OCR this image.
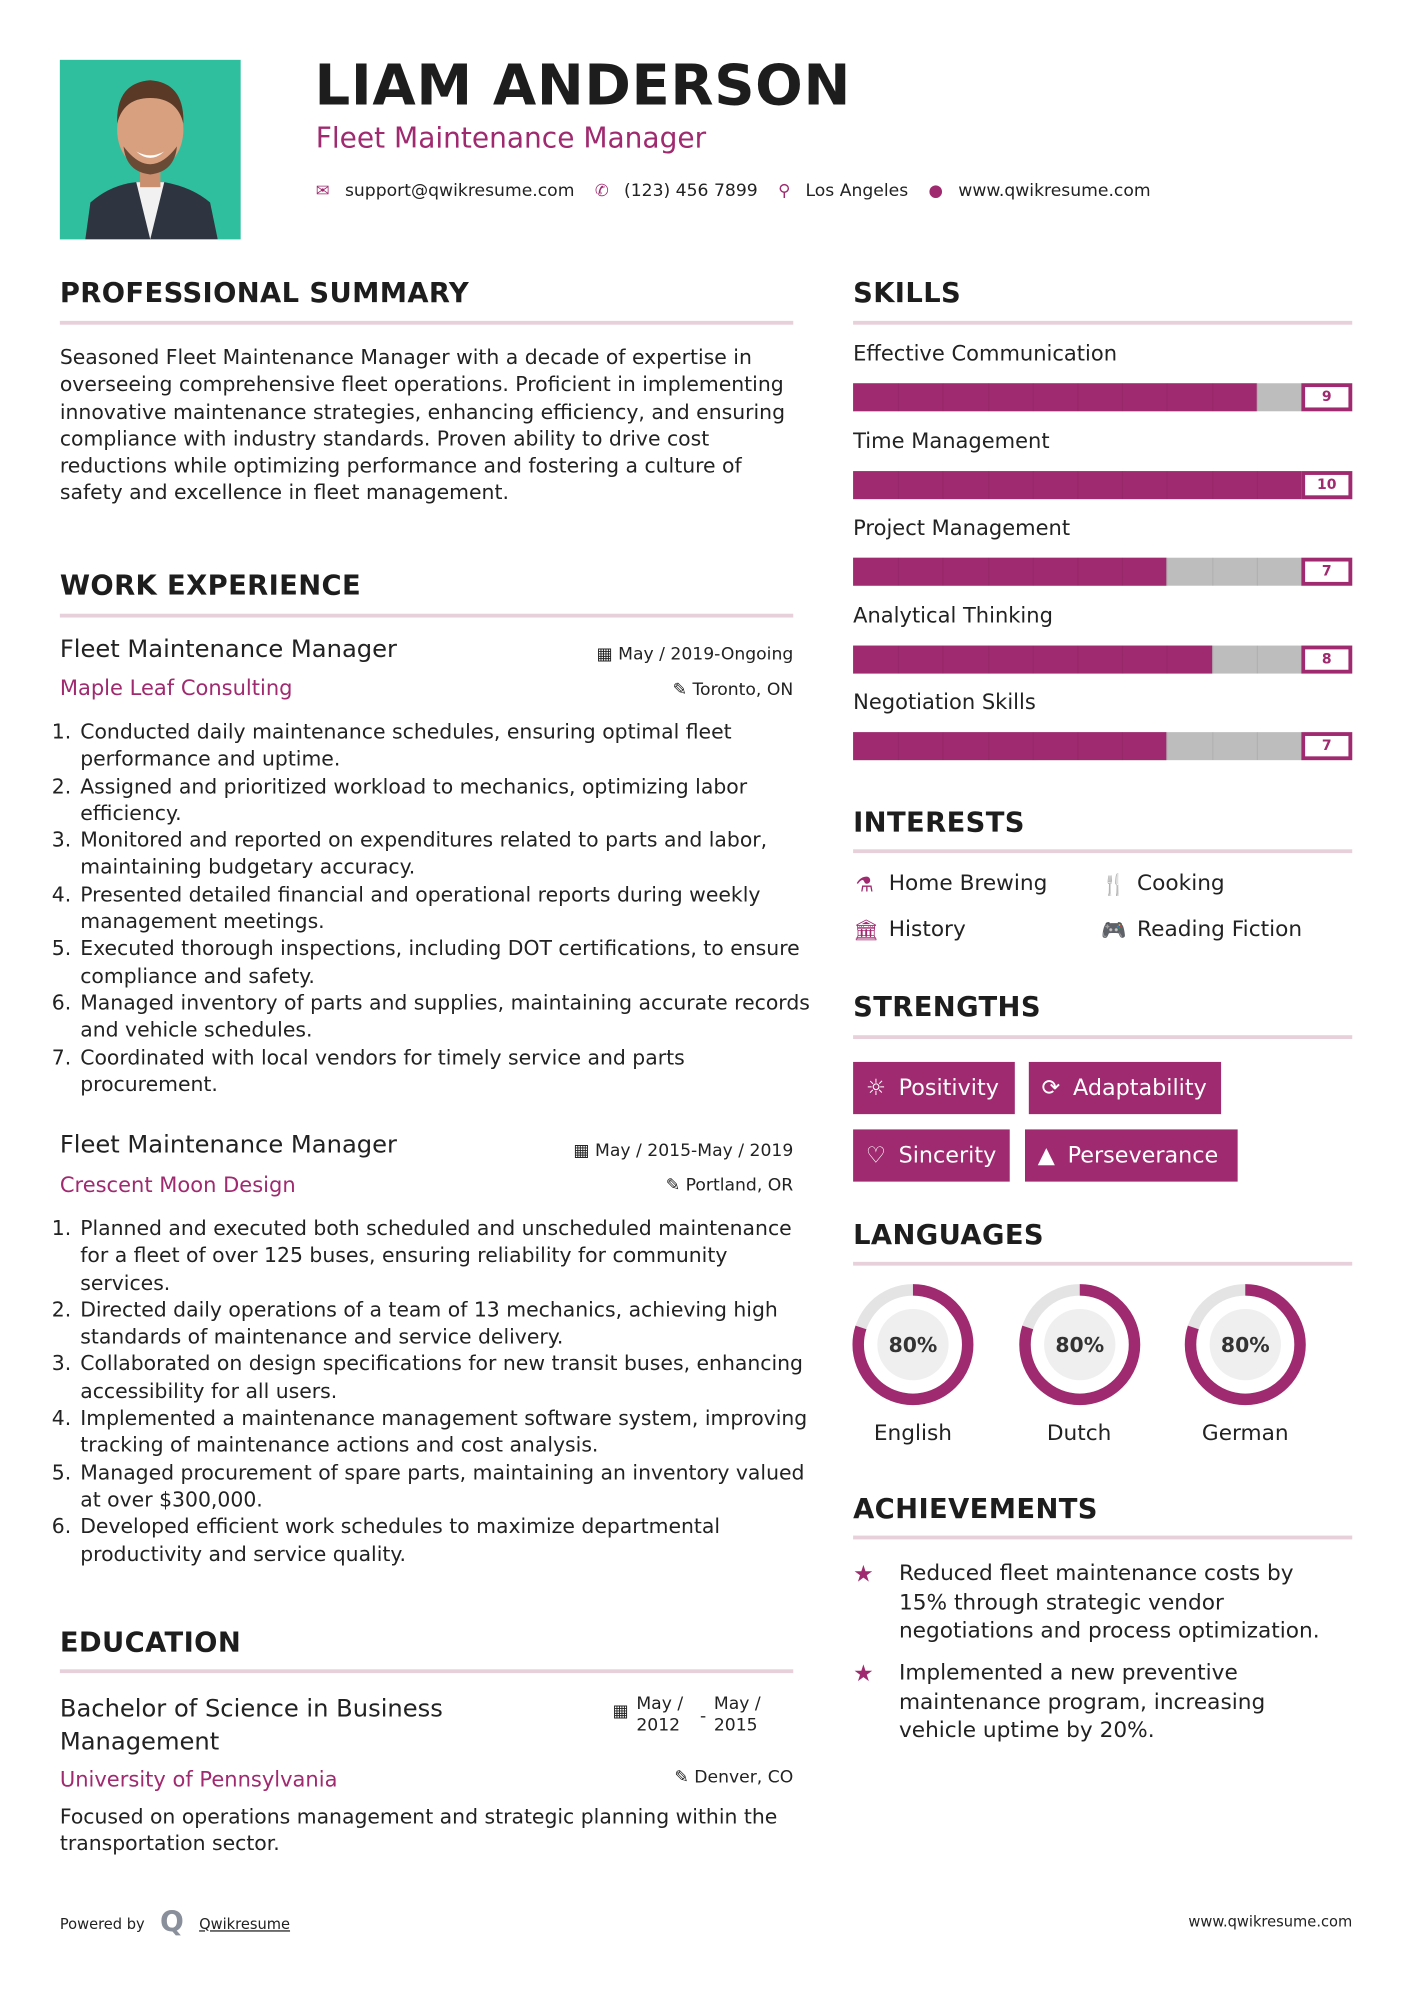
LIAM ANDERSON
Fleet Maintenance Manager
✉ support@qwikresume.com ✆ (123) 456 7899 ⚲ Los Angeles ● www.qwikresume.com
PROFESSIONAL SUMMARY
Seasoned Fleet Maintenance Manager with a decade of expertise in overseeing comprehensive fleet operations. Proficient in implementing innovative maintenance strategies, enhancing efficiency, and ensuring compliance with industry standards. Proven ability to drive cost reductions while optimizing performance and fostering a culture of safety and excellence in fleet management.
WORK EXPERIENCE
Fleet Maintenance Manager	▦ May / 2019-Ongoing
Maple Leaf Consulting	✎ Toronto, ON
1. Conducted daily maintenance schedules, ensuring optimal fleet performance and uptime.
2. Assigned and prioritized workload to mechanics, optimizing labor efficiency.
3. Monitored and reported on expenditures related to parts and labor, maintaining budgetary accuracy.
4. Presented detailed financial and operational reports during weekly management meetings.
5. Executed thorough inspections, including DOT certifications, to ensure compliance and safety.
6. Managed inventory of parts and supplies, maintaining accurate records and vehicle schedules.
7. Coordinated with local vendors for timely service and parts procurement.
Fleet Maintenance Manager	▦ May / 2015-May / 2019
Crescent Moon Design	✎ Portland, OR
1. Planned and executed both scheduled and unscheduled maintenance for a fleet of over 125 buses, ensuring reliability for community services.
2. Directed daily operations of a team of 13 mechanics, achieving high standards of maintenance and service delivery.
3. Collaborated on design specifications for new transit buses, enhancing accessibility for all users.
4. Implemented a maintenance management software system, improving tracking of maintenance actions and cost analysis.
5. Managed procurement of spare parts, maintaining an inventory valued at over $300,000.
6. Developed efficient work schedules to maximize departmental productivity and service quality.
EDUCATION
Bachelor of Science in Business Management
▦ May / 2012	-
May / 2015
University of Pennsylvania	✎ Denver, CO
Focused on operations management and strategic planning within the transportation sector.
SKILLS
Effective Communication
9
Time Management
10
Project Management
7
Analytical Thinking
8
Negotiation Skills
7
INTERESTS
⚗ Home Brewing	🍴 Cooking
🏛 History	🎮 Reading Fiction
STRENGTHS
☼ Positivity ⟳ Adaptability
♡ Sincerity ▲ Perseverance
LANGUAGES
80%
English
80%
Dutch
80%
German
ACHIEVEMENTS
★ Reduced fleet maintenance costs by 15% through strategic vendor negotiations and process optimization.
★ Implemented a new preventive maintenance program, increasing vehicle uptime by 20%.
Powered by Q Qwikresume	www.qwikresume.com
